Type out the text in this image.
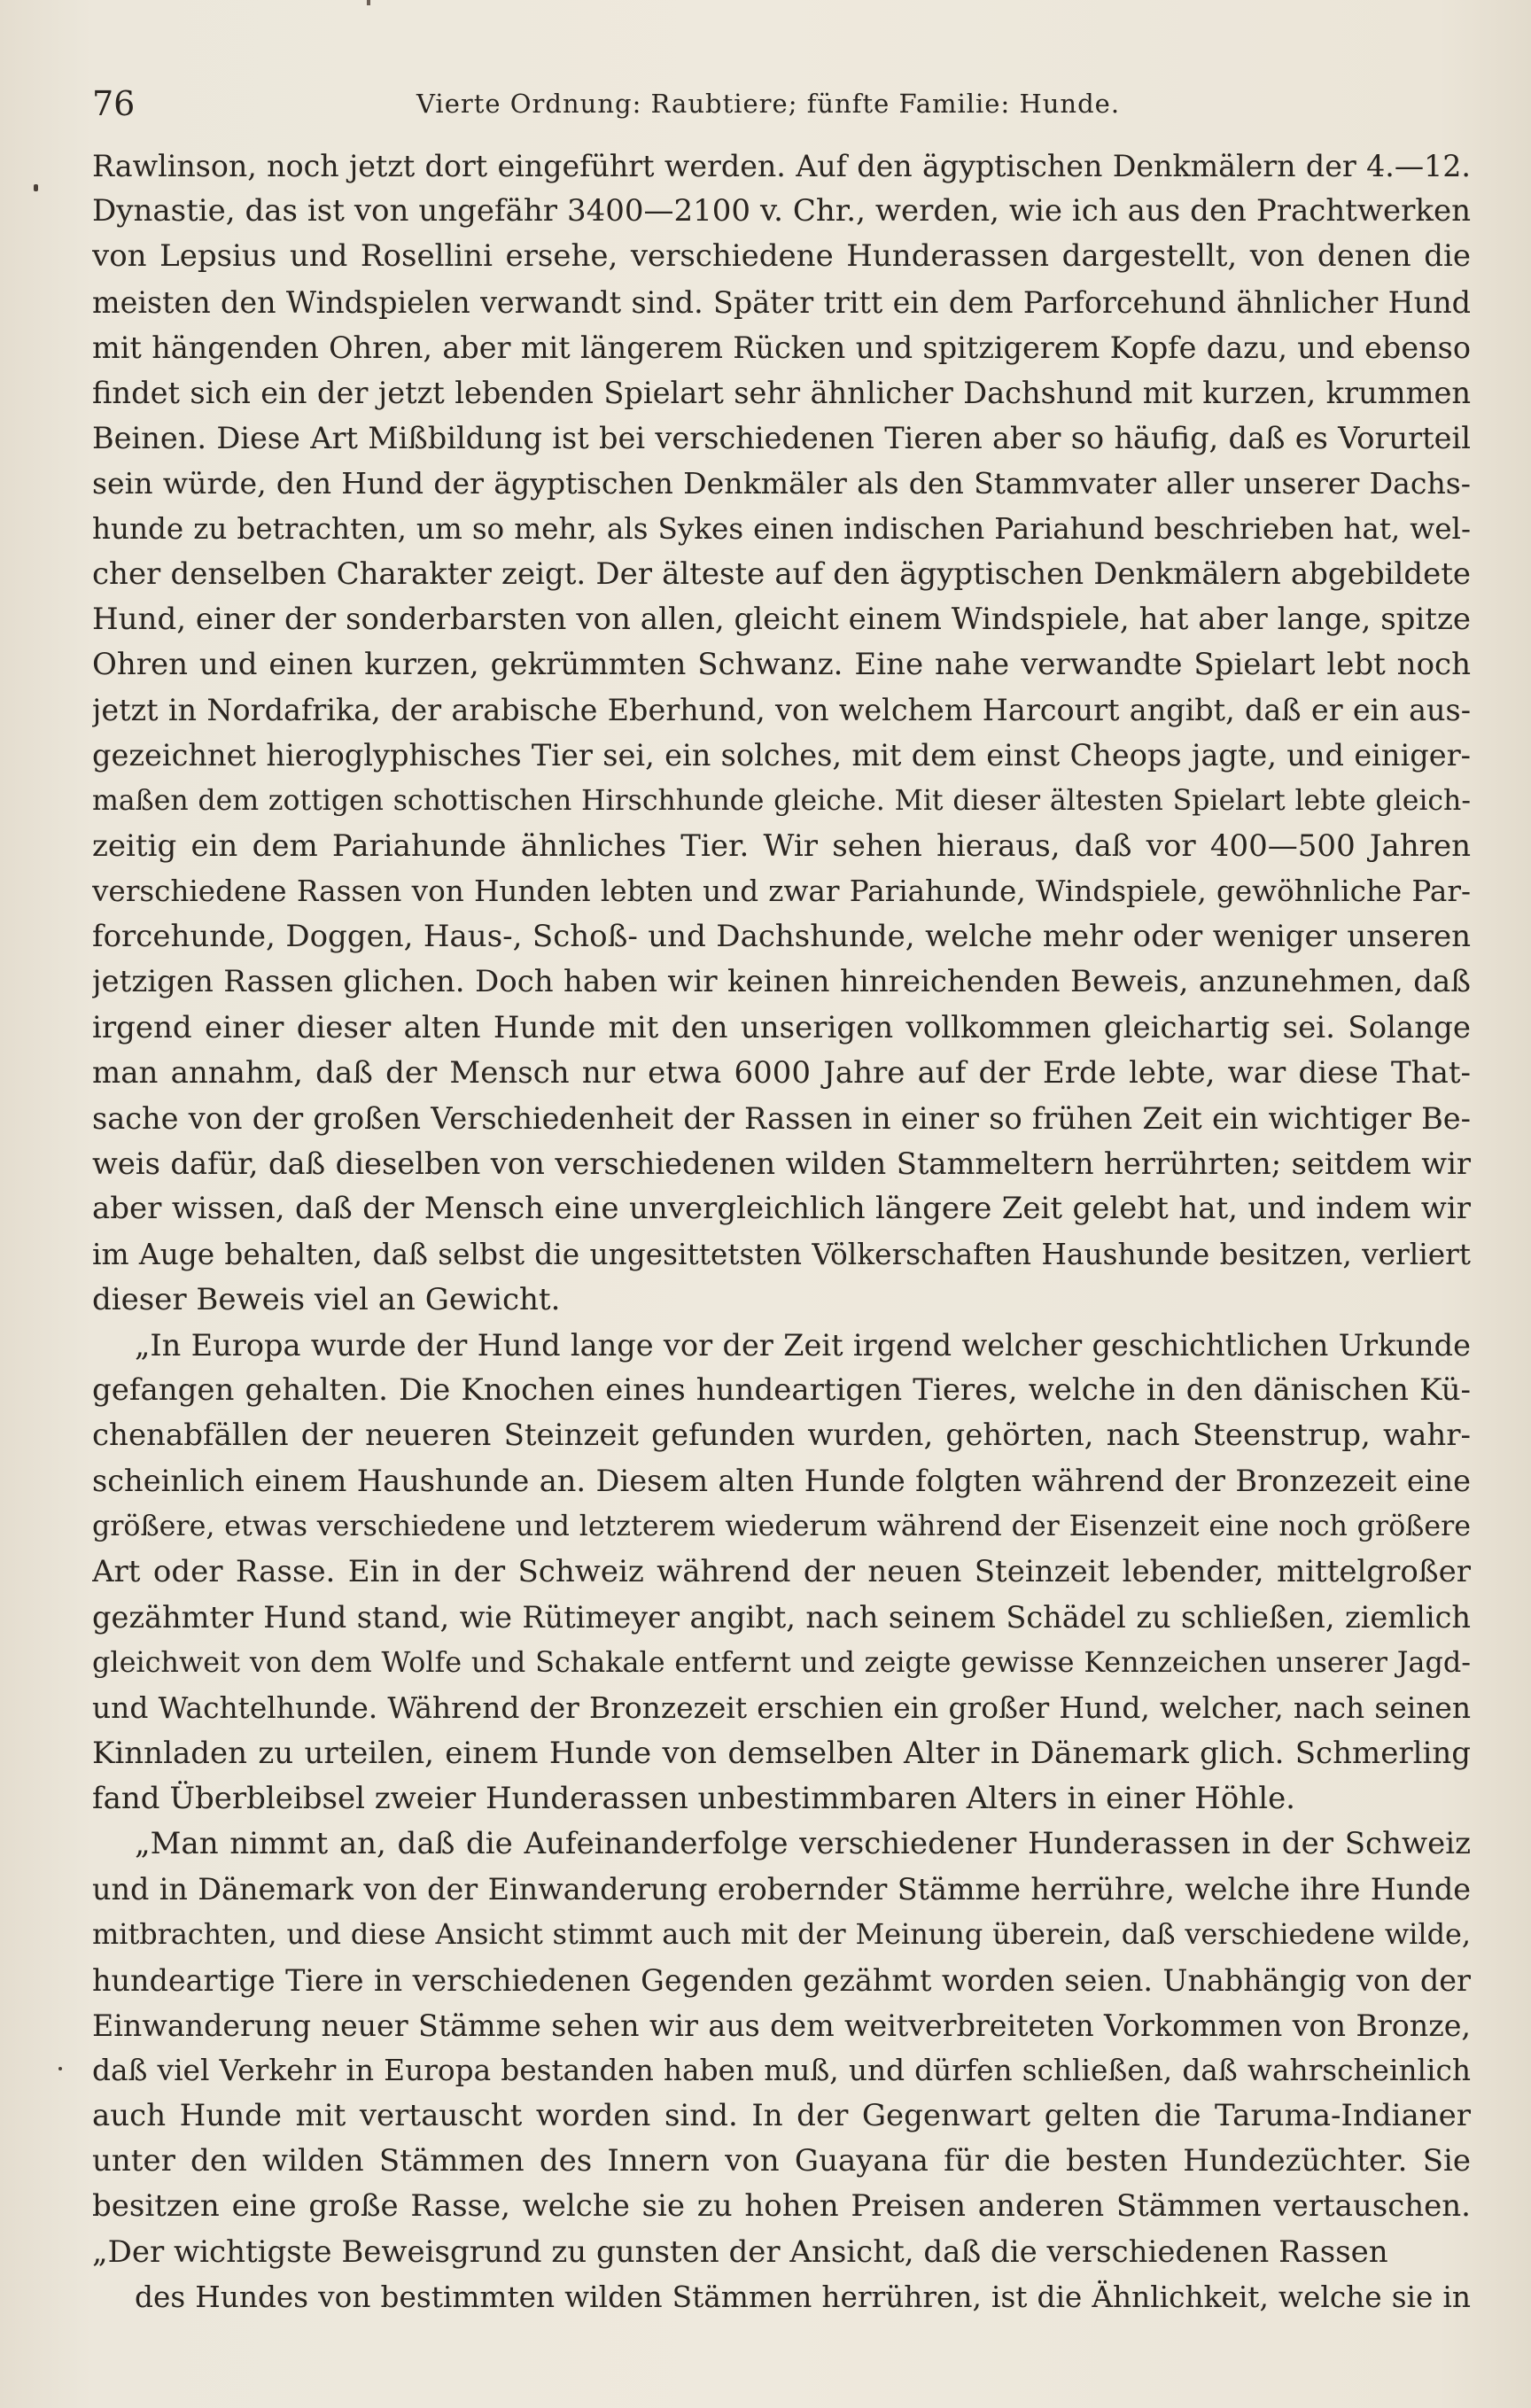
76	Vierte Ordnung: Raubtiere; fünfte Familie: Hunde.
Rawlinson, noch jetzt dort eingeführt werden. Auf den ägyptischen Denkmälern der 4.—12.
Dynastie, das ist von ungefähr 3400—2100 v. Chr., werden, wie ich aus den Prachtwerken
von Lepsius und Rosellini ersehe, verschiedene Hunderassen dargestellt, von denen die
meisten den Windspielen verwandt sind. Später tritt ein dem Parforcehund ähnlicher Hund
mit hängenden Ohren, aber mit längerem Rücken und spitzigerem Kopfe dazu, und ebenso
findet sich ein der jetzt lebenden Spielart sehr ähnlicher Dachshund mit kurzen, krummen
Beinen. Diese Art Mißbildung ist bei verschiedenen Tieren aber so häufig, daß es Vorurteil
sein würde, den Hund der ägyptischen Denkmäler als den Stammvater aller unserer Dachs-
hunde zu betrachten, um so mehr, als Sykes einen indischen Pariahund beschrieben hat, wel-
cher denselben Charakter zeigt. Der älteste auf den ägyptischen Denkmälern abgebildete
Hund, einer der sonderbarsten von allen, gleicht einem Windspiele, hat aber lange, spitze
Ohren und einen kurzen, gekrümmten Schwanz. Eine nahe verwandte Spielart lebt noch
jetzt in Nordafrika, der arabische Eberhund, von welchem Harcourt angibt, daß er ein aus-
gezeichnet hieroglyphisches Tier sei, ein solches, mit dem einst Cheops jagte, und einiger-
maßen dem zottigen schottischen Hirschhunde gleiche. Mit dieser ältesten Spielart lebte gleich-
zeitig ein dem Pariahunde ähnliches Tier. Wir sehen hieraus, daß vor 400—500 Jahren
verschiedene Rassen von Hunden lebten und zwar Pariahunde, Windspiele, gewöhnliche Par-
forcehunde, Doggen, Haus-, Schoß- und Dachshunde, welche mehr oder weniger unseren
jetzigen Rassen glichen. Doch haben wir keinen hinreichenden Beweis, anzunehmen, daß
irgend einer dieser alten Hunde mit den unserigen vollkommen gleichartig sei. Solange
man annahm, daß der Mensch nur etwa 6000 Jahre auf der Erde lebte, war diese That-
sache von der großen Verschiedenheit der Rassen in einer so frühen Zeit ein wichtiger Be-
weis dafür, daß dieselben von verschiedenen wilden Stammeltern herrührten; seitdem wir
aber wissen, daß der Mensch eine unvergleichlich längere Zeit gelebt hat, und indem wir
im Auge behalten, daß selbst die ungesittetsten Völkerschaften Haushunde besitzen, verliert
dieser Beweis viel an Gewicht.
„In Europa wurde der Hund lange vor der Zeit irgend welcher geschichtlichen Urkunde
gefangen gehalten. Die Knochen eines hundeartigen Tieres, welche in den dänischen Kü-
chenabfällen der neueren Steinzeit gefunden wurden, gehörten, nach Steenstrup, wahr-
scheinlich einem Haushunde an. Diesem alten Hunde folgten während der Bronzezeit eine
größere, etwas verschiedene und letzterem wiederum während der Eisenzeit eine noch größere
Art oder Rasse. Ein in der Schweiz während der neuen Steinzeit lebender, mittelgroßer
gezähmter Hund stand, wie Rütimeyer angibt, nach seinem Schädel zu schließen, ziemlich
gleichweit von dem Wolfe und Schakale entfernt und zeigte gewisse Kennzeichen unserer Jagd-
und Wachtelhunde. Während der Bronzezeit erschien ein großer Hund, welcher, nach seinen
Kinnladen zu urteilen, einem Hunde von demselben Alter in Dänemark glich. Schmerling
fand Überbleibsel zweier Hunderassen unbestimmbaren Alters in einer Höhle.
„Man nimmt an, daß die Aufeinanderfolge verschiedener Hunderassen in der Schweiz
und in Dänemark von der Einwanderung erobernder Stämme herrühre, welche ihre Hunde
mitbrachten, und diese Ansicht stimmt auch mit der Meinung überein, daß verschiedene wilde,
hundeartige Tiere in verschiedenen Gegenden gezähmt worden seien. Unabhängig von der
Einwanderung neuer Stämme sehen wir aus dem weitverbreiteten Vorkommen von Bronze,
daß viel Verkehr in Europa bestanden haben muß, und dürfen schließen, daß wahrscheinlich
auch Hunde mit vertauscht worden sind. In der Gegenwart gelten die Taruma-Indianer
unter den wilden Stämmen des Innern von Guayana für die besten Hundezüchter. Sie
besitzen eine große Rasse, welche sie zu hohen Preisen anderen Stämmen vertauschen.
„Der wichtigste Beweisgrund zu gunsten der Ansicht, daß die verschiedenen Rassen
des Hundes von bestimmten wilden Stämmen herrühren, ist die Ähnlichkeit, welche sie in
